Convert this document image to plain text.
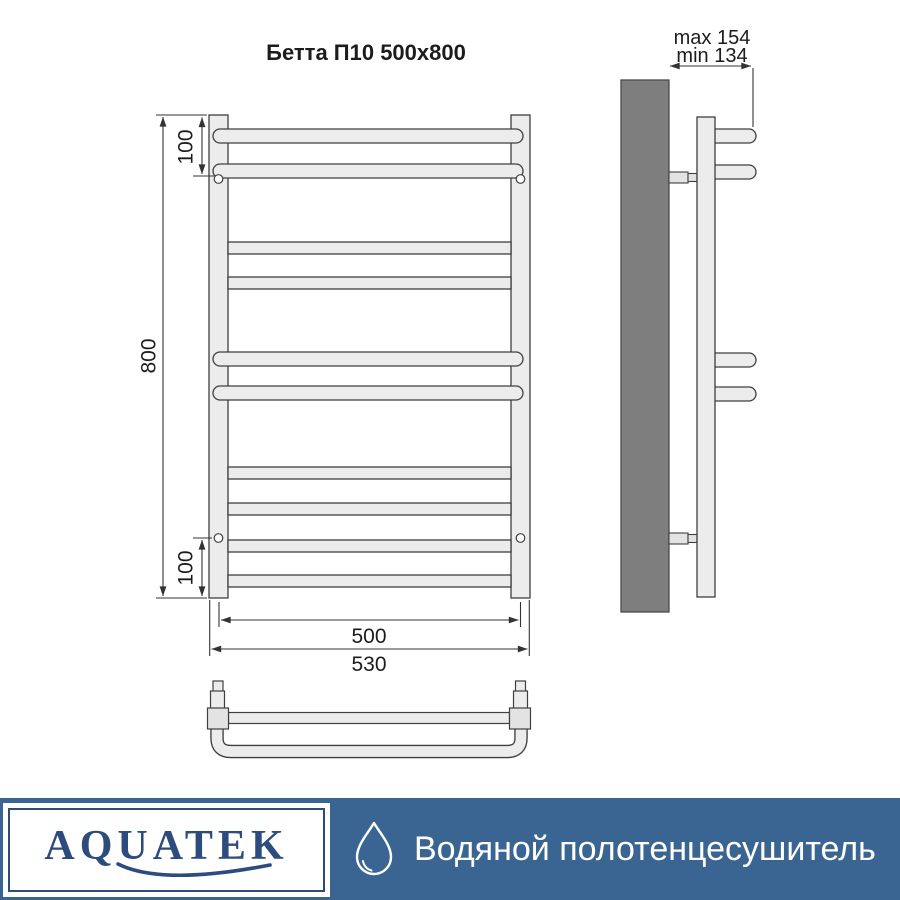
Бетта П10 500x800
800
100
100
500
530
max 154
min 134
AQUATEK	Водяной полотенцесушитель
